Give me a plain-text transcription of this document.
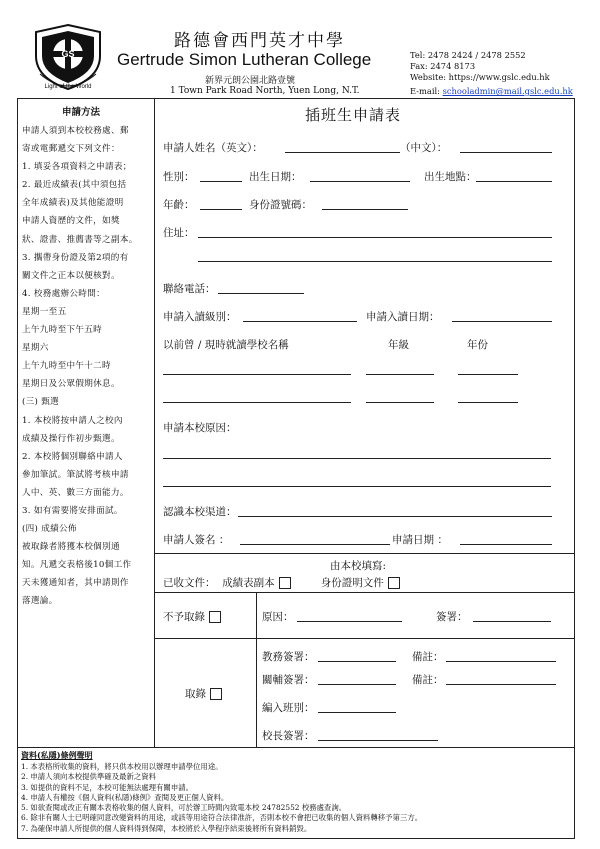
GS
Light of the World
路德會西門英才中學
Gertrude Simon Lutheran College
新界元朗公園北路壹號
1 Town Park Road North, Yuen Long, N.T.
Tel: 2478 2424 / 2478 2552
Fax: 2474 8173
Website: https://www.gslc.edu.hk
E-mail: schooladmin@mail.gslc.edu.hk
申請方法
申請人須到本校校務處、郵
寄或電郵遞交下列文件：
1. 填妥各項資料之申請表；
2. 最近成績表(其中須包括
全年成績表)及其他能證明
申請人資歷的文件，如獎
狀、證書、推薦書等之副本。
3. 攜帶身份證及第2項的有
關文件之正本以便核對。
4. 校務處辦公時間：
星期一至五
上午九時至下午五時
星期六
上午九時至中午十二時
星期日及公眾假期休息。
(三) 甄選
1. 本校將按申請人之校內
成績及操行作初步甄選。
2. 本校將個別聯絡申請人
參加筆試。筆試將考核申請
人中、英、數三方面能力。
3. 如有需要將安排面試。
(四) 成績公佈
被取錄者將獲本校個別通
知。凡遞交表格後10個工作
天未獲通知者，其申請則作
落選論。
插班生申請表
申請人姓名（英文）：	（中文）：
性別：	出生日期：	出生地點：
年齡：	身份證號碼：
住址：
聯絡電話：
申請入讀級別：	申請入讀日期：
以前曾 / 現時就讀學校名稱	年級	年份
申請本校原因：
認識本校渠道：
申請人簽名 ：	申請日期 ：
由本校填寫:
已收文件： 成績表副本	身份證明文件
不予取錄	原因：	簽署：
取錄
教務簽署：	備註：
關輔簽署：	備註：
編入班別：
校長簽署：
資料(私隱)條例聲明
1. 本表格所收集的資料，將只供本校用以辦理申請學位用途。
2. 申請人須向本校提供準確及最新之資料
3. 如提供的資料不足，本校可能無法處理有關申請。
4. 申請人有權按《個人資料(私隱)條例》查閱及更正個人資料。
5. 如欲查閱或改正有關本表格收集的個人資料，可於辦工時間內致電本校 24782552 校務處查詢。
6. 除非有關人士已明確同意改變資料的用途，或該等用途符合法律准許，否則本校不會把已收集的個人資料轉移予第三方。
7. 為確保申請人所提供的個人資料得到保障，本校將於入學程序結束後將所有資料銷毀。
